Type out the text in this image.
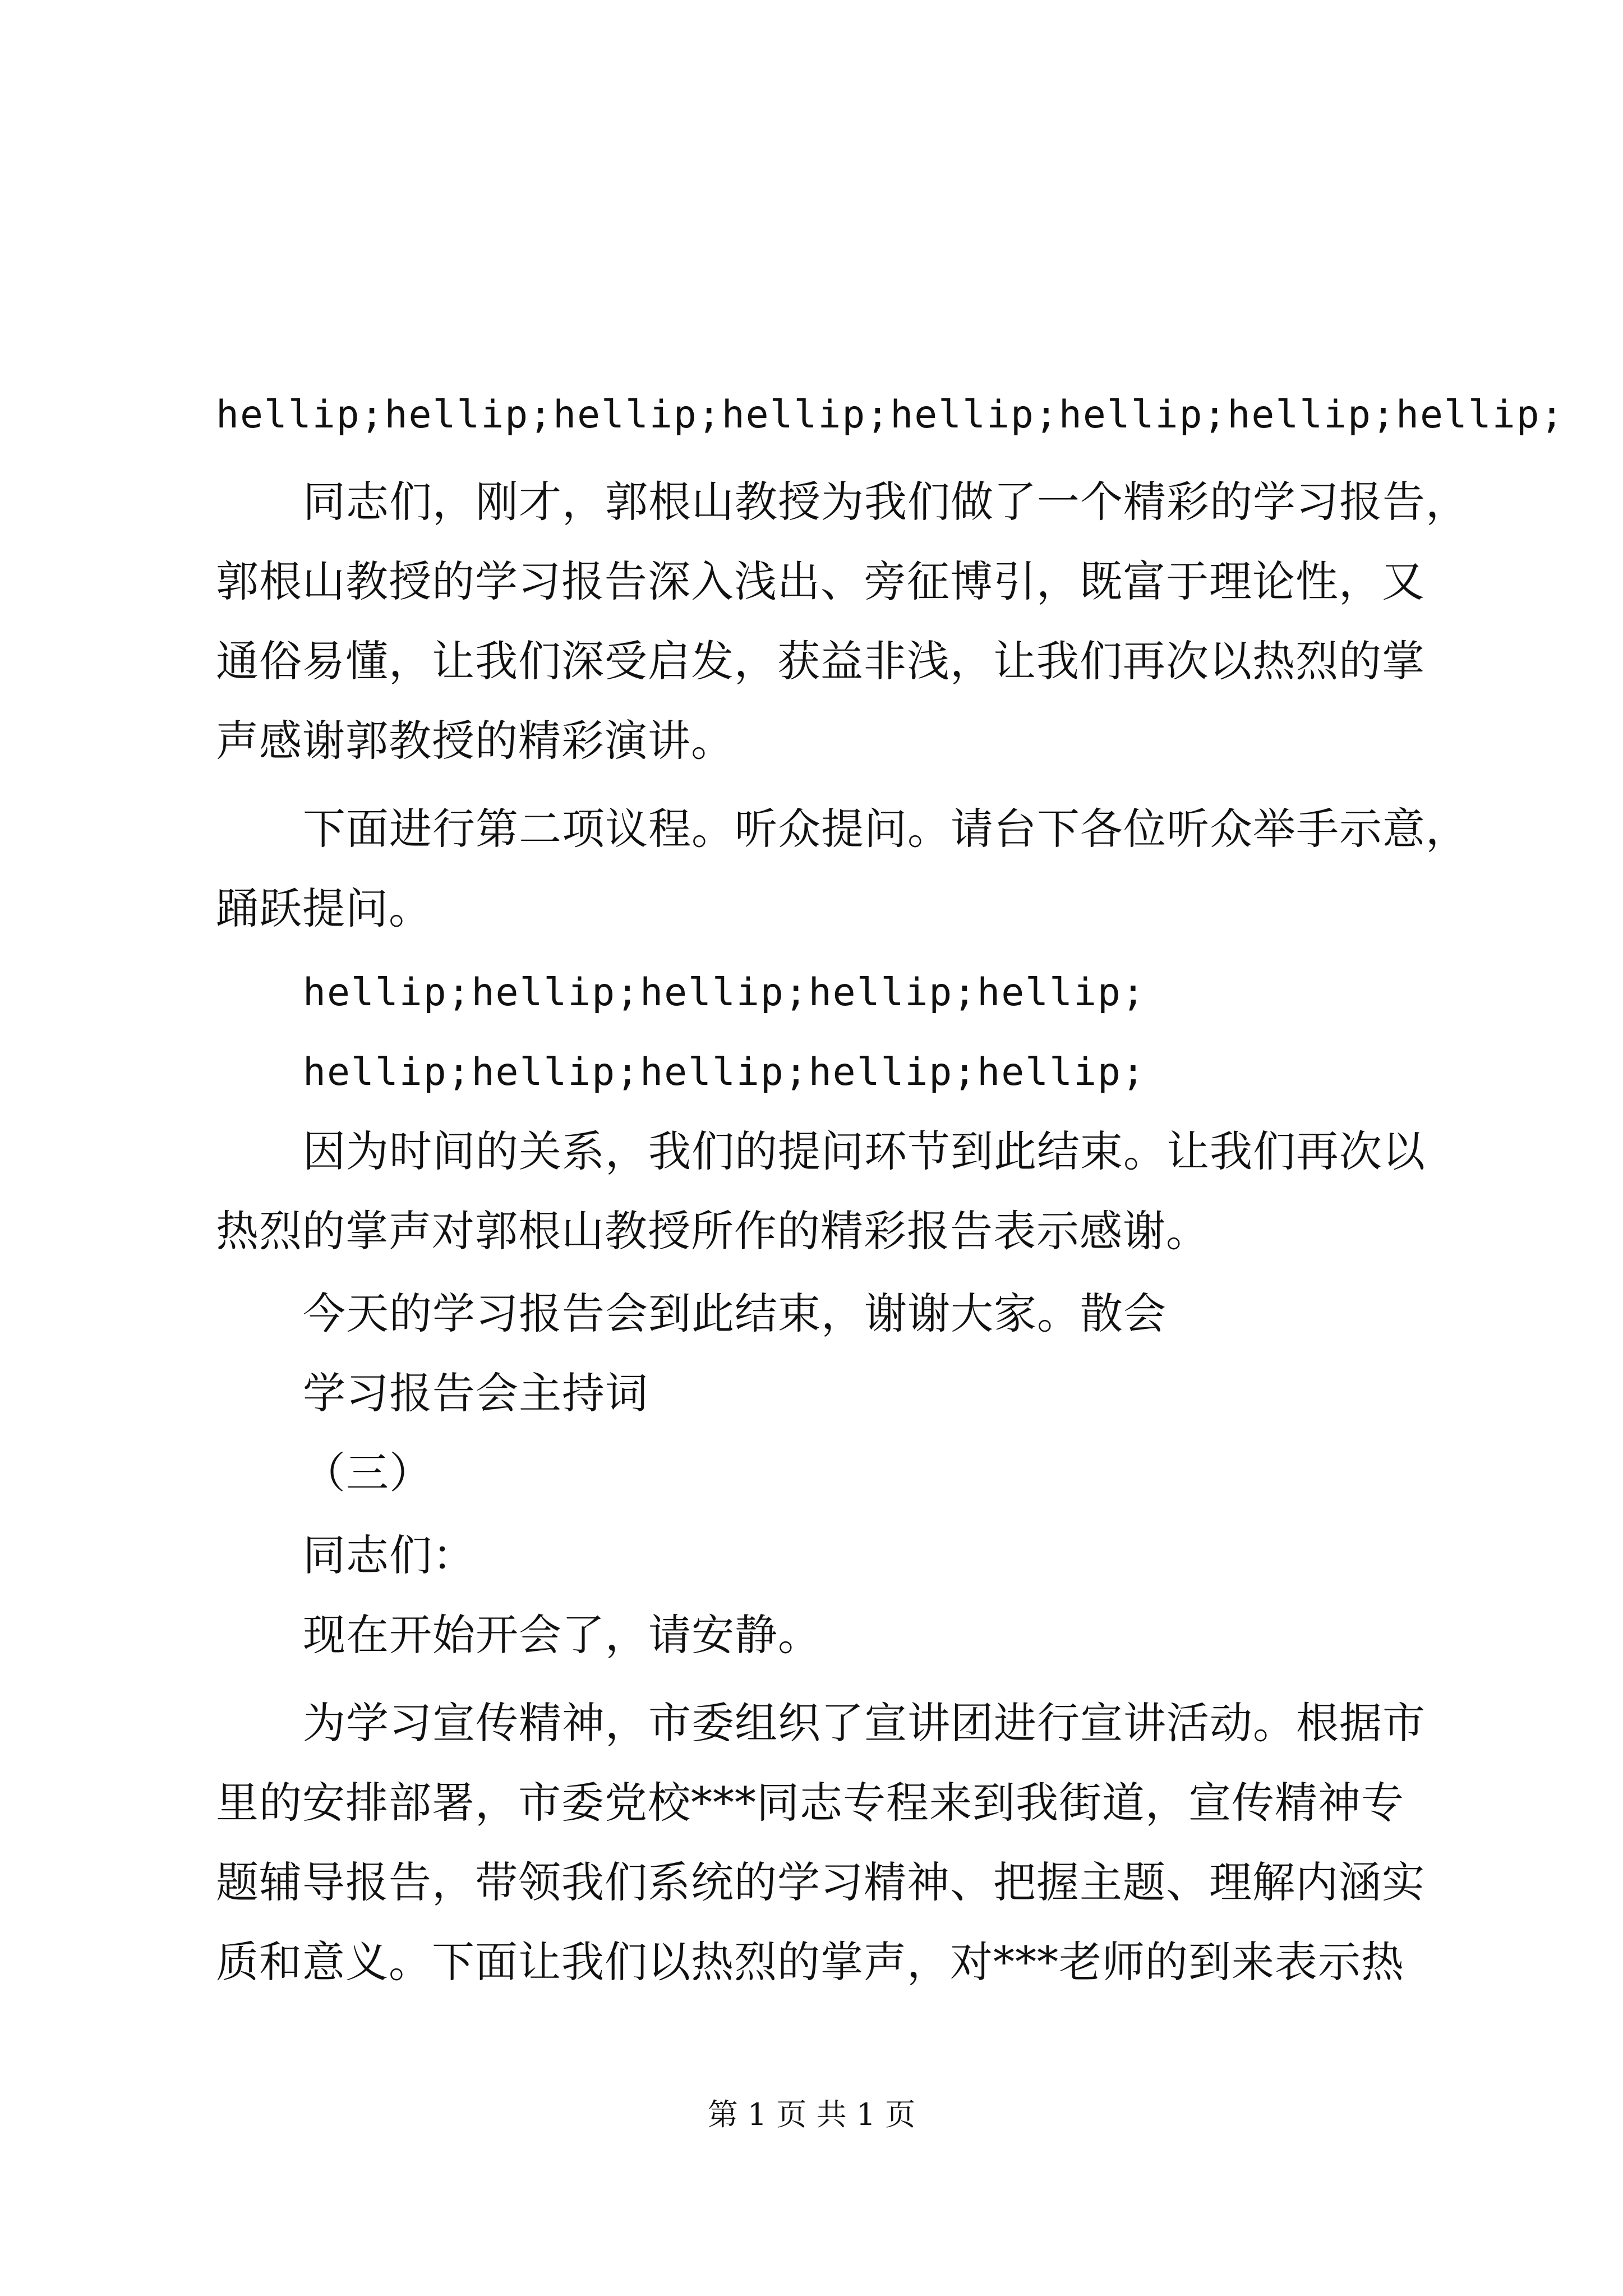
hellip;hellip;hellip;hellip;hellip;hellip;hellip;hellip;
同志们，刚才，郭根山教授为我们做了一个精彩的学习报告，
郭根山教授的学习报告深入浅出、旁征博引，既富于理论性，又
通俗易懂，让我们深受启发，获益非浅，让我们再次以热烈的掌
声感谢郭教授的精彩演讲。
下面进行第二项议程。听众提问。请台下各位听众举手示意，
踊跃提问。
hellip;hellip;hellip;hellip;hellip;
hellip;hellip;hellip;hellip;hellip;
因为时间的关系，我们的提问环节到此结束。让我们再次以
热烈的掌声对郭根山教授所作的精彩报告表示感谢。
今天的学习报告会到此结束，谢谢大家。散会
学习报告会主持词
（三）
同志们：
现在开始开会了，请安静。
为学习宣传精神，市委组织了宣讲团进行宣讲活动。根据市
里的安排部署，市委党校***同志专程来到我街道，宣传精神专
题辅导报告，带领我们系统的学习精神、把握主题、理解内涵实
质和意义。下面让我们以热烈的掌声，对***老师的到来表示热
第 1 页 共 1 页
